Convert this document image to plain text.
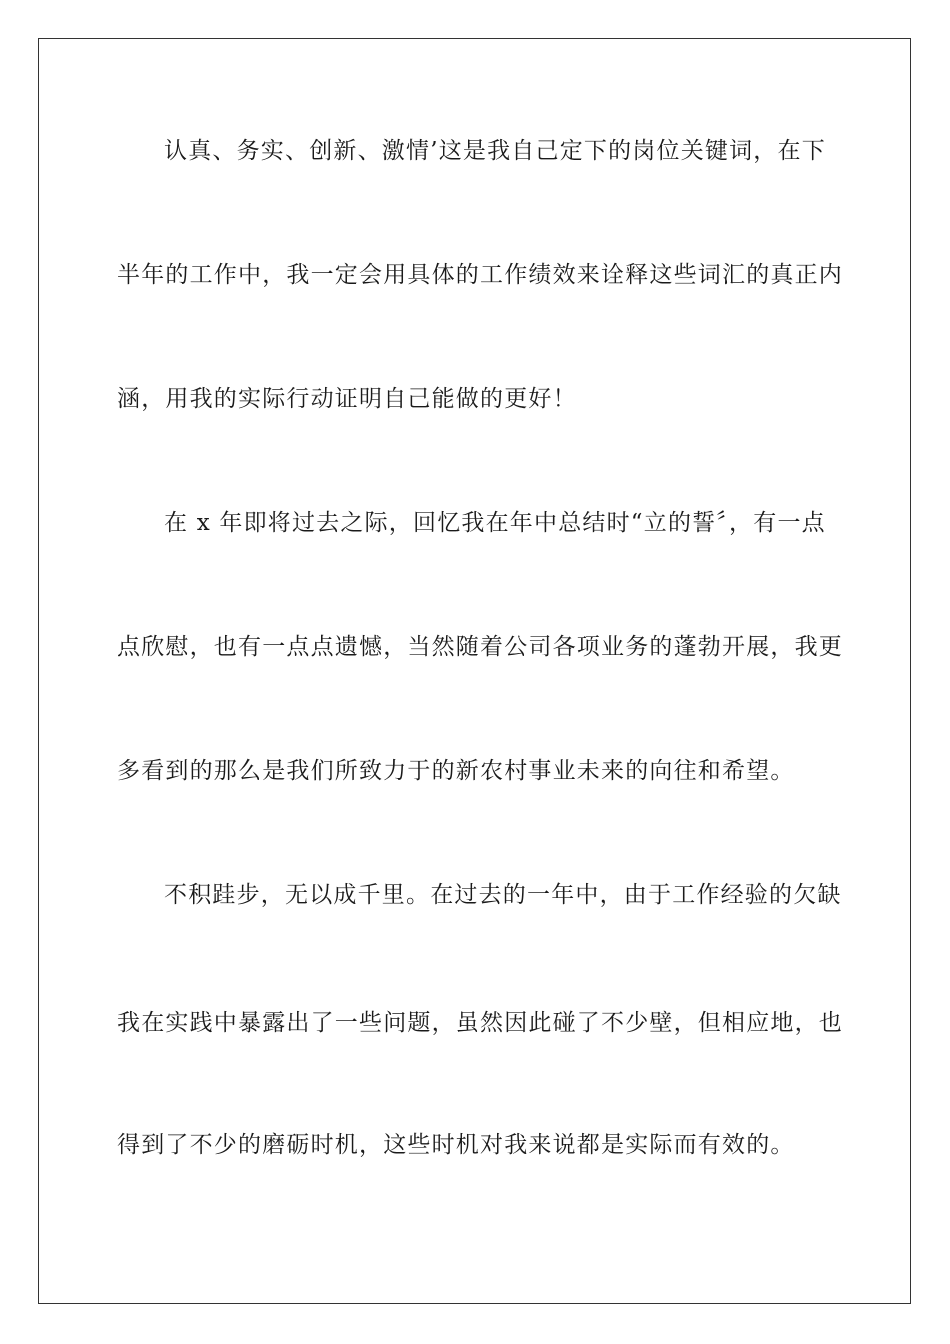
认真、务实、创新、激情’这是我自己定下的岗位关键词，在下
半年的工作中，我一定会用具体的工作绩效来诠释这些词汇的真正内
涵，用我的实际行动证明自己能做的更好！
在 x 年即将过去之际，回忆我在年中总结时“立的誓〞，有一点
点欣慰，也有一点点遗憾，当然随着公司各项业务的蓬勃开展，我更
多看到的那么是我们所致力于的新农村事业未来的向往和希望。
不积跬步，无以成千里。在过去的一年中，由于工作经验的欠缺
我在实践中暴露出了一些问题，虽然因此碰了不少壁，但相应地，也
得到了不少的磨砺时机，这些时机对我来说都是实际而有效的。
